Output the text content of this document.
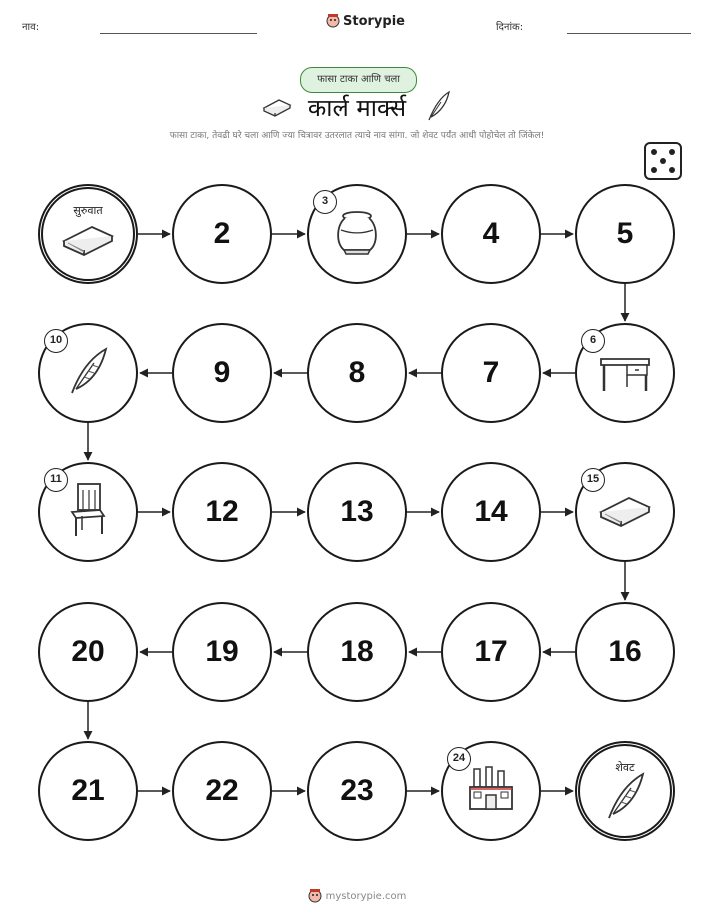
नाव:	Storypie	दिनांक:
फासा टाका आणि चला
कार्ल मार्क्स
फासा टाका, तेवढी घरे चला आणि ज्या चित्रावर उतरलात त्याचे नाव सांगा. जो शेवट पर्यंत आधी पोहोचेल तो जिंकेल!
सुरुवात
2
3
4	5
6
7
8
9
10
11
12	13	14
15
16
17
18
19
20
21	22	23
24
शेवट
mystorypie.com
